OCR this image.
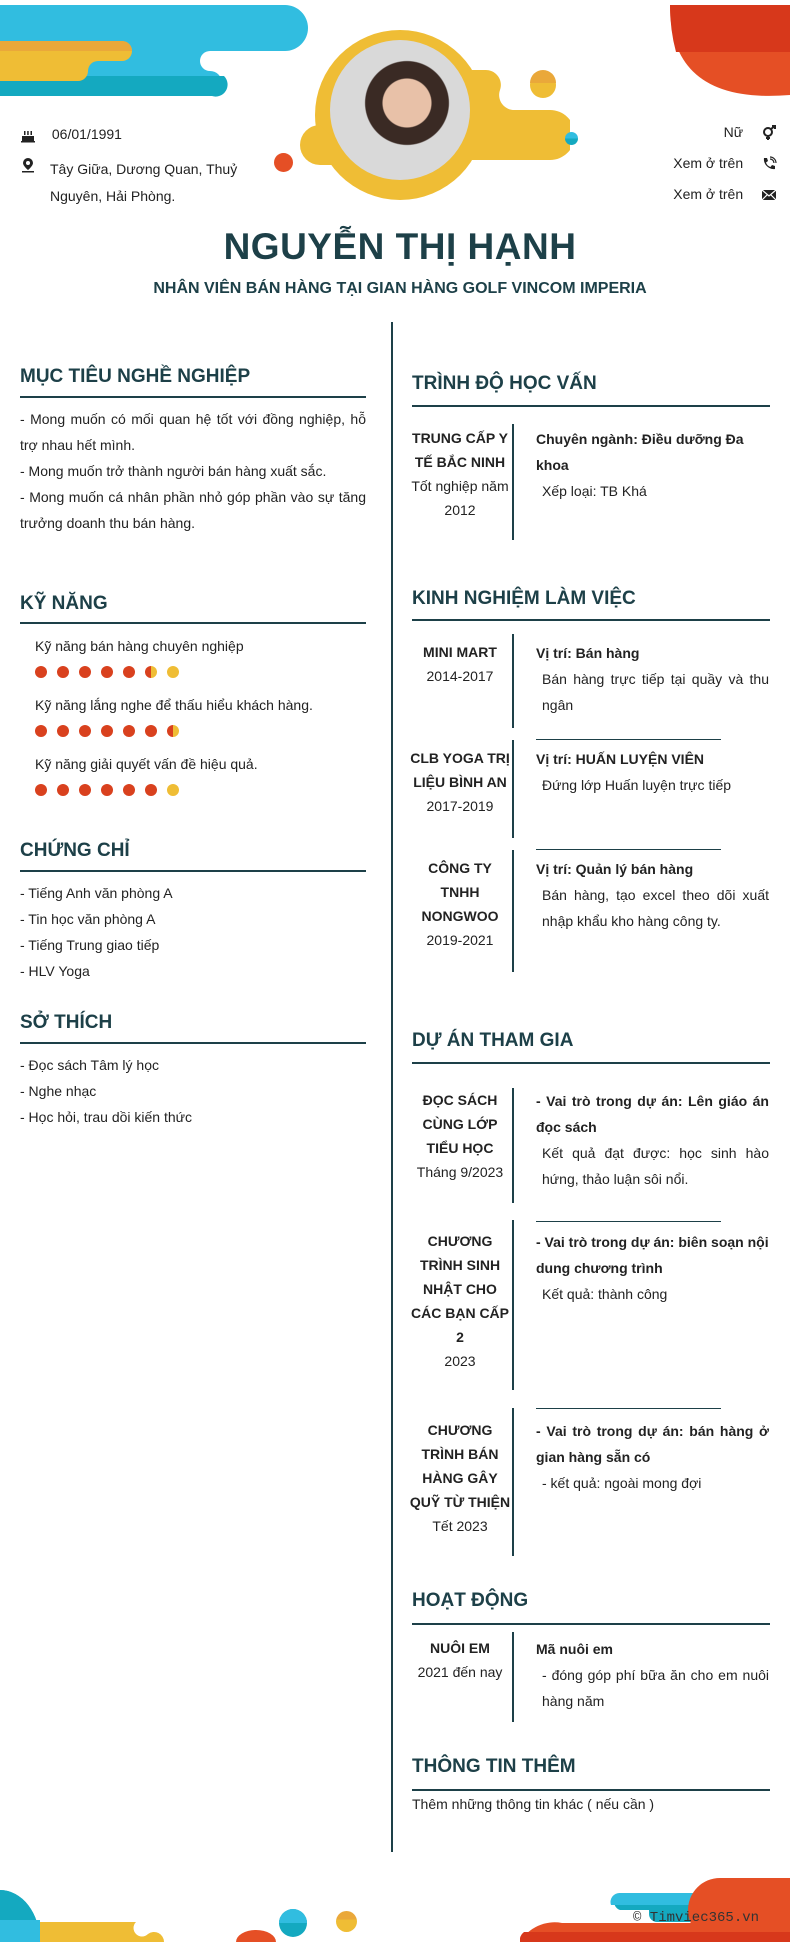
06/01/1991
Tây Giữa, Dương Quan, Thuỷ
Nguyên, Hải Phòng.
Nữ
Xem ở trên
Xem ở trên
NGUYỄN THỊ HẠNH
NHÂN VIÊN BÁN HÀNG TẠI GIAN HÀNG GOLF VINCOM IMPERIA
MỤC TIÊU NGHỀ NGHIỆP
- Mong muốn có mối quan hệ tốt với đồng nghiệp, hỗ trợ nhau hết mình.
- Mong muốn trở thành người bán hàng xuất sắc.
- Mong muốn cá nhân phần nhỏ góp phần vào sự tăng trưởng doanh thu bán hàng.
KỸ NĂNG
Kỹ năng bán hàng chuyên nghiệp
Kỹ năng lắng nghe để thấu hiểu khách hàng.
Kỹ năng giải quyết vấn đề hiệu quả.
CHỨNG CHỈ
- Tiếng Anh văn phòng A
- Tin học văn phòng A
- Tiếng Trung giao tiếp
- HLV Yoga
SỞ THÍCH
- Đọc sách Tâm lý học
- Nghe nhạc
- Học hỏi, trau dồi kiến thức
TRÌNH ĐỘ HỌC VẤN
TRUNG CẤP Y TẾ BẮC NINH
Tốt nghiệp năm 2012
Chuyên ngành: Điều dưỡng Đa khoa
Xếp loại: TB Khá
KINH NGHIỆM LÀM VIỆC
MINI MART
2014-2017
Vị trí: Bán hàng
Bán hàng trực tiếp tại quầy và thu ngân
CLB YOGA TRỊ LIỆU BÌNH AN
2017-2019
Vị trí: HUẤN LUYỆN VIÊN
Đứng lớp Huấn luyện trực tiếp
CÔNG TY TNHH NONGWOO
2019-2021
Vị trí: Quản lý bán hàng
Bán hàng, tạo excel theo dõi xuất nhập khẩu kho hàng công ty.
DỰ ÁN THAM GIA
ĐỌC SÁCH CÙNG LỚP TIỂU HỌC
Tháng 9/2023
- Vai trò trong dự án: Lên giáo án đọc sách
Kết quả đạt được: học sinh hào hứng, thảo luận sôi nổi.
CHƯƠNG TRÌNH SINH NHẬT CHO CÁC BẠN CẤP 2
2023
- Vai trò trong dự án: biên soạn nội dung chương trình
Kết quả: thành công
CHƯƠNG TRÌNH BÁN HÀNG GÂY QUỸ TỪ THIỆN
Tết 2023
- Vai trò trong dự án: bán hàng ở gian hàng sẵn có
- kết quả: ngoài mong đợi
HOẠT ĐỘNG
NUÔI EM
2021 đến nay
Mã nuôi em
- đóng góp phí bữa ăn cho em nuôi hàng năm
THÔNG TIN THÊM
Thêm những thông tin khác ( nếu cần )
© Timviec365.vn
